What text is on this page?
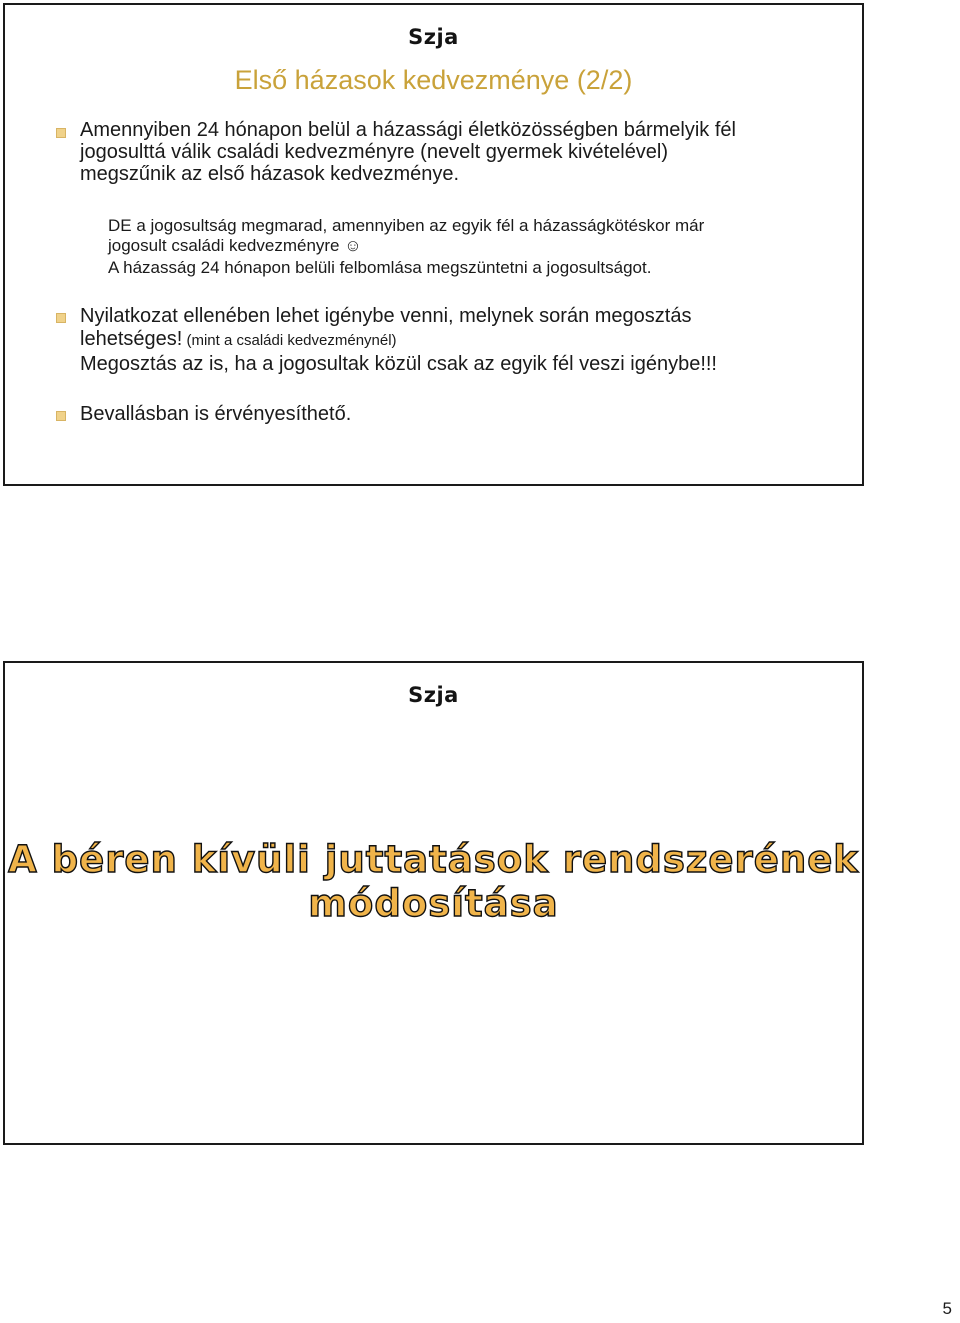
Szja
Első házasok kedvezménye (2/2)
Amennyiben 24 hónapon belül a házassági életközösségben bármelyik fél
jogosulttá válik családi kedvezményre (nevelt gyermek kivételével)
megszűnik az első házasok kedvezménye.
DE a jogosultság megmarad, amennyiben az egyik fél a házasságkötéskor már
jogosult családi kedvezményre ☺
A házasság 24 hónapon belüli felbomlása megszüntetni a jogosultságot.
Nyilatkozat ellenében lehet igénybe venni, melynek során megosztás
lehetséges! (mint a családi kedvezménynél)
Megosztás az is, ha a jogosultak közül csak az egyik fél veszi igénybe!!!
Bevallásban is érvényesíthető.
Szja
A béren kívüli juttatások rendszerének
módosítása
5
